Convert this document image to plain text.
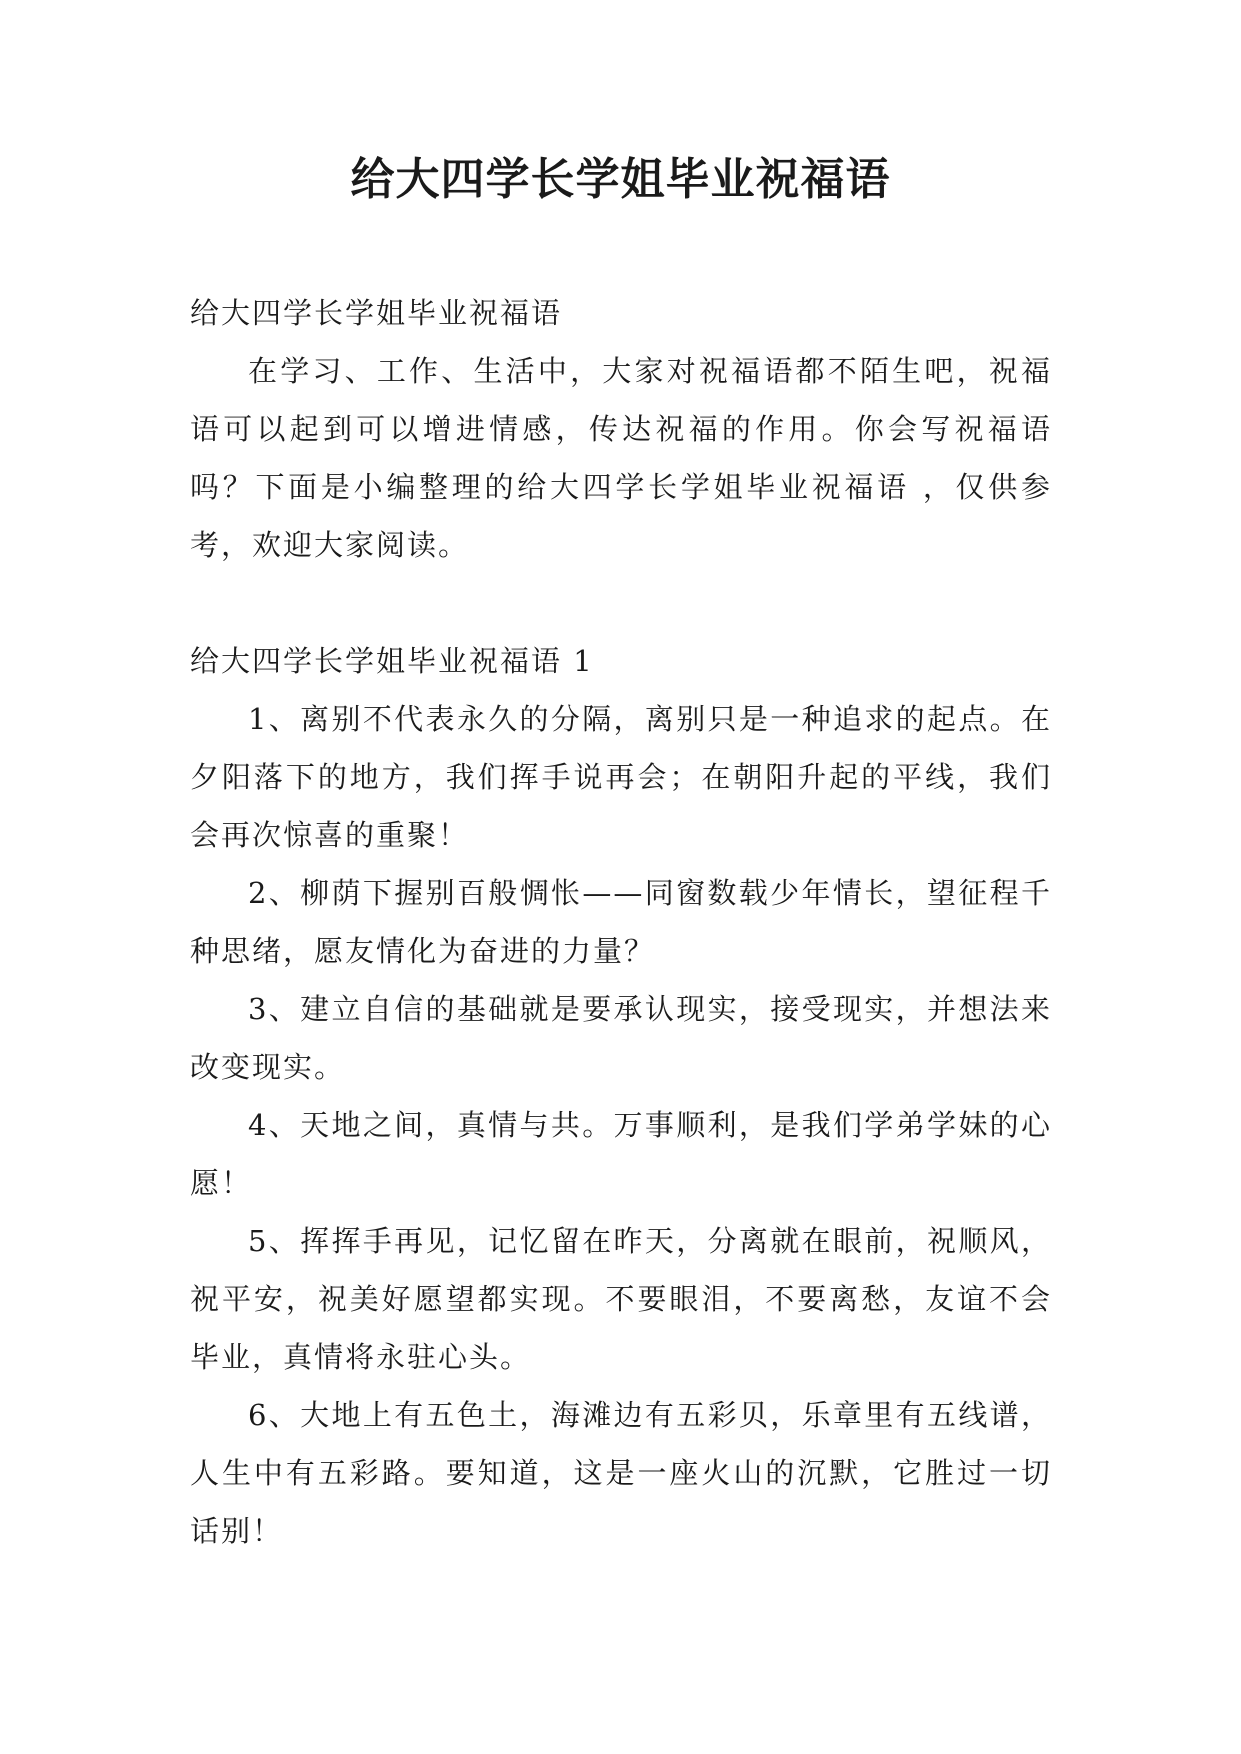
给大四学长学姐毕业祝福语

给大四学长学姐毕业祝福语

在学习、工作、生活中，大家对祝福语都不陌生吧，祝福语可以起到可以增进情感，传达祝福的作用。你会写祝福语吗？下面是小编整理的给大四学长学姐毕业祝福语 ，仅供参考，欢迎大家阅读。

给大四学长学姐毕业祝福语 1

1、离别不代表永久的分隔，离别只是一种追求的起点。在夕阳落下的地方，我们挥手说再会；在朝阳升起的平线，我们会再次惊喜的重聚！

2、柳荫下握别百般惆怅——同窗数载少年情长，望征程千种思绪，愿友情化为奋进的力量？

3、建立自信的基础就是要承认现实，接受现实，并想法来改变现实。

4、天地之间，真情与共。万事顺利，是我们学弟学妹的心愿！

5、挥挥手再见，记忆留在昨天，分离就在眼前，祝顺风，祝平安，祝美好愿望都实现。不要眼泪，不要离愁，友谊不会毕业，真情将永驻心头。

6、大地上有五色土，海滩边有五彩贝，乐章里有五线谱，人生中有五彩路。要知道，这是一座火山的沉默，它胜过一切话别！
